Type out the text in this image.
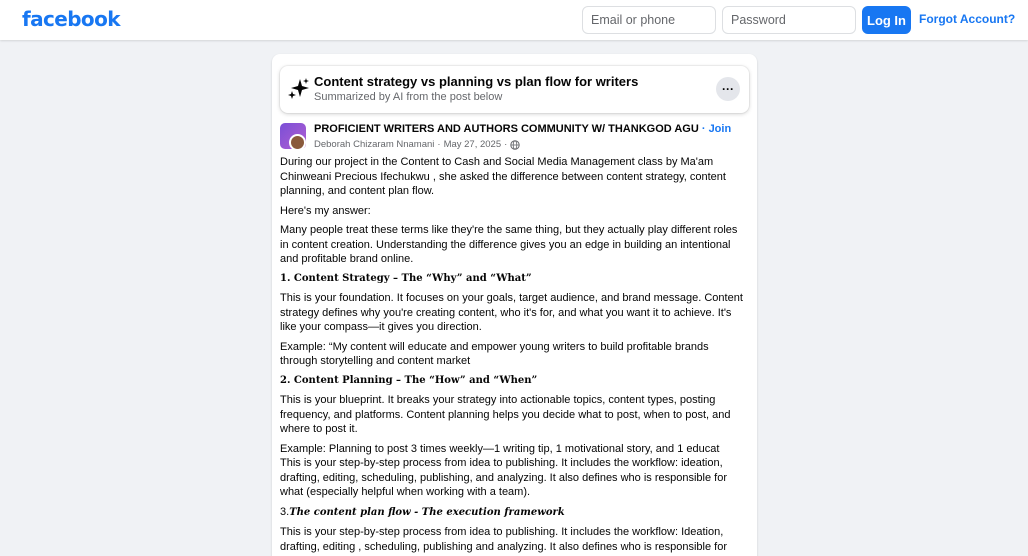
facebook
Email or phone	Log In	Forgot Account?
Content strategy vs planning vs plan flow for writers
Summarized by AI from the post below
···
PROFICIENT WRITERS AND AUTHORS COMMUNITY W/ THANKGOD AGU · Join
Deborah Chizaram Nnamani · May 27, 2025 ·

During our project in the Content to Cash and Social Media Management class by Ma'am Chinweani Precious Ifechukwu , she asked the difference between content strategy, content planning, and content plan flow.

Here's my answer:

Many people treat these terms like they're the same thing, but they actually play different roles in content creation. Understanding the difference gives you an edge in building an intentional and profitable brand online.

1. Content Strategy – The “Why” and “What”

This is your foundation. It focuses on your goals, target audience, and brand message. Content strategy defines why you're creating content, who it's for, and what you want it to achieve. It's like your compass—it gives you direction.

Example: “My content will educate and empower young writers to build profitable brands through storytelling and content market

2. Content Planning – The “How” and “When”

This is your blueprint. It breaks your strategy into actionable topics, content types, posting frequency, and platforms. Content planning helps you decide what to post, when to post, and where to post it.

Example: Planning to post 3 times weekly—1 writing tip, 1 motivational story, and 1 educat

This is your step-by-step process from idea to publishing. It includes the workflow: ideation, drafting, editing, scheduling, publishing, and analyzing. It also defines who is responsible for what (especially helpful when working with a team).

3.The content plan flow - The execution framework

This is your step-by-step process from idea to publishing. It includes the workflow: Ideation, drafting, editing , scheduling, publishing and analyzing. It also defines who is responsible for
